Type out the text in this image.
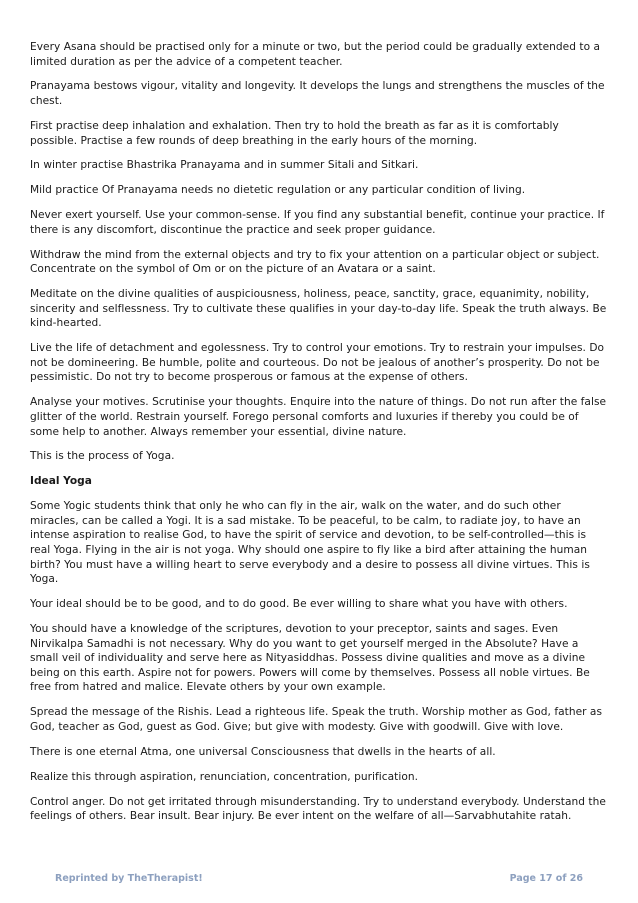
Every Asana should be practised only for a minute or two, but the period could be gradually extended to a limited duration as per the advice of a competent teacher.

Pranayama bestows vigour, vitality and longevity. It develops the lungs and strengthens the muscles of the chest.

First practise deep inhalation and exhalation. Then try to hold the breath as far as it is comfortably possible. Practise a few rounds of deep breathing in the early hours of the morning.

In winter practise Bhastrika Pranayama and in summer Sitali and Sitkari.

Mild practice Of Pranayama needs no dietetic regulation or any particular condition of living.

Never exert yourself. Use your common-sense. If you find any substantial benefit, continue your practice. If there is any discomfort, discontinue the practice and seek proper guidance.

Withdraw the mind from the external objects and try to fix your attention on a particular object or subject. Concentrate on the symbol of Om or on the picture of an Avatara or a saint.

Meditate on the divine qualities of auspiciousness, holiness, peace, sanctity, grace, equanimity, nobility, sincerity and selflessness. Try to cultivate these qualifies in your day-to-day life. Speak the truth always. Be kind-hearted.

Live the life of detachment and egolessness. Try to control your emotions. Try to restrain your impulses. Do not be domineering. Be humble, polite and courteous. Do not be jealous of another’s prosperity. Do not be pessimistic. Do not try to become prosperous or famous at the expense of others.

Analyse your motives. Scrutinise your thoughts. Enquire into the nature of things. Do not run after the false glitter of the world. Restrain yourself. Forego personal comforts and luxuries if thereby you could be of some help to another. Always remember your essential, divine nature.

This is the process of Yoga.

Ideal Yoga

Some Yogic students think that only he who can fly in the air, walk on the water, and do such other miracles, can be called a Yogi. It is a sad mistake. To be peaceful, to be calm, to radiate joy, to have an intense aspiration to realise God, to have the spirit of service and devotion, to be self-controlled—this is real Yoga. Flying in the air is not yoga. Why should one aspire to fly like a bird after attaining the human birth? You must have a willing heart to serve everybody and a desire to possess all divine virtues. This is Yoga.

Your ideal should be to be good, and to do good. Be ever willing to share what you have with others.

You should have a knowledge of the scriptures, devotion to your preceptor, saints and sages. Even Nirvikalpa Samadhi is not necessary. Why do you want to get yourself merged in the Absolute? Have a small veil of individuality and serve here as Nityasiddhas. Possess divine qualities and move as a divine being on this earth. Aspire not for powers. Powers will come by themselves. Possess all noble virtues. Be free from hatred and malice. Elevate others by your own example.

Spread the message of the Rishis. Lead a righteous life. Speak the truth. Worship mother as God, father as God, teacher as God, guest as God. Give; but give with modesty. Give with goodwill. Give with love.

There is one eternal Atma, one universal Consciousness that dwells in the hearts of all.

Realize this through aspiration, renunciation, concentration, purification.

Control anger. Do not get irritated through misunderstanding. Try to understand everybody. Understand the feelings of others. Bear insult. Bear injury. Be ever intent on the welfare of all—Sarvabhutahite ratah.

Reprinted by TheTherapist!	Page 17 of 26
